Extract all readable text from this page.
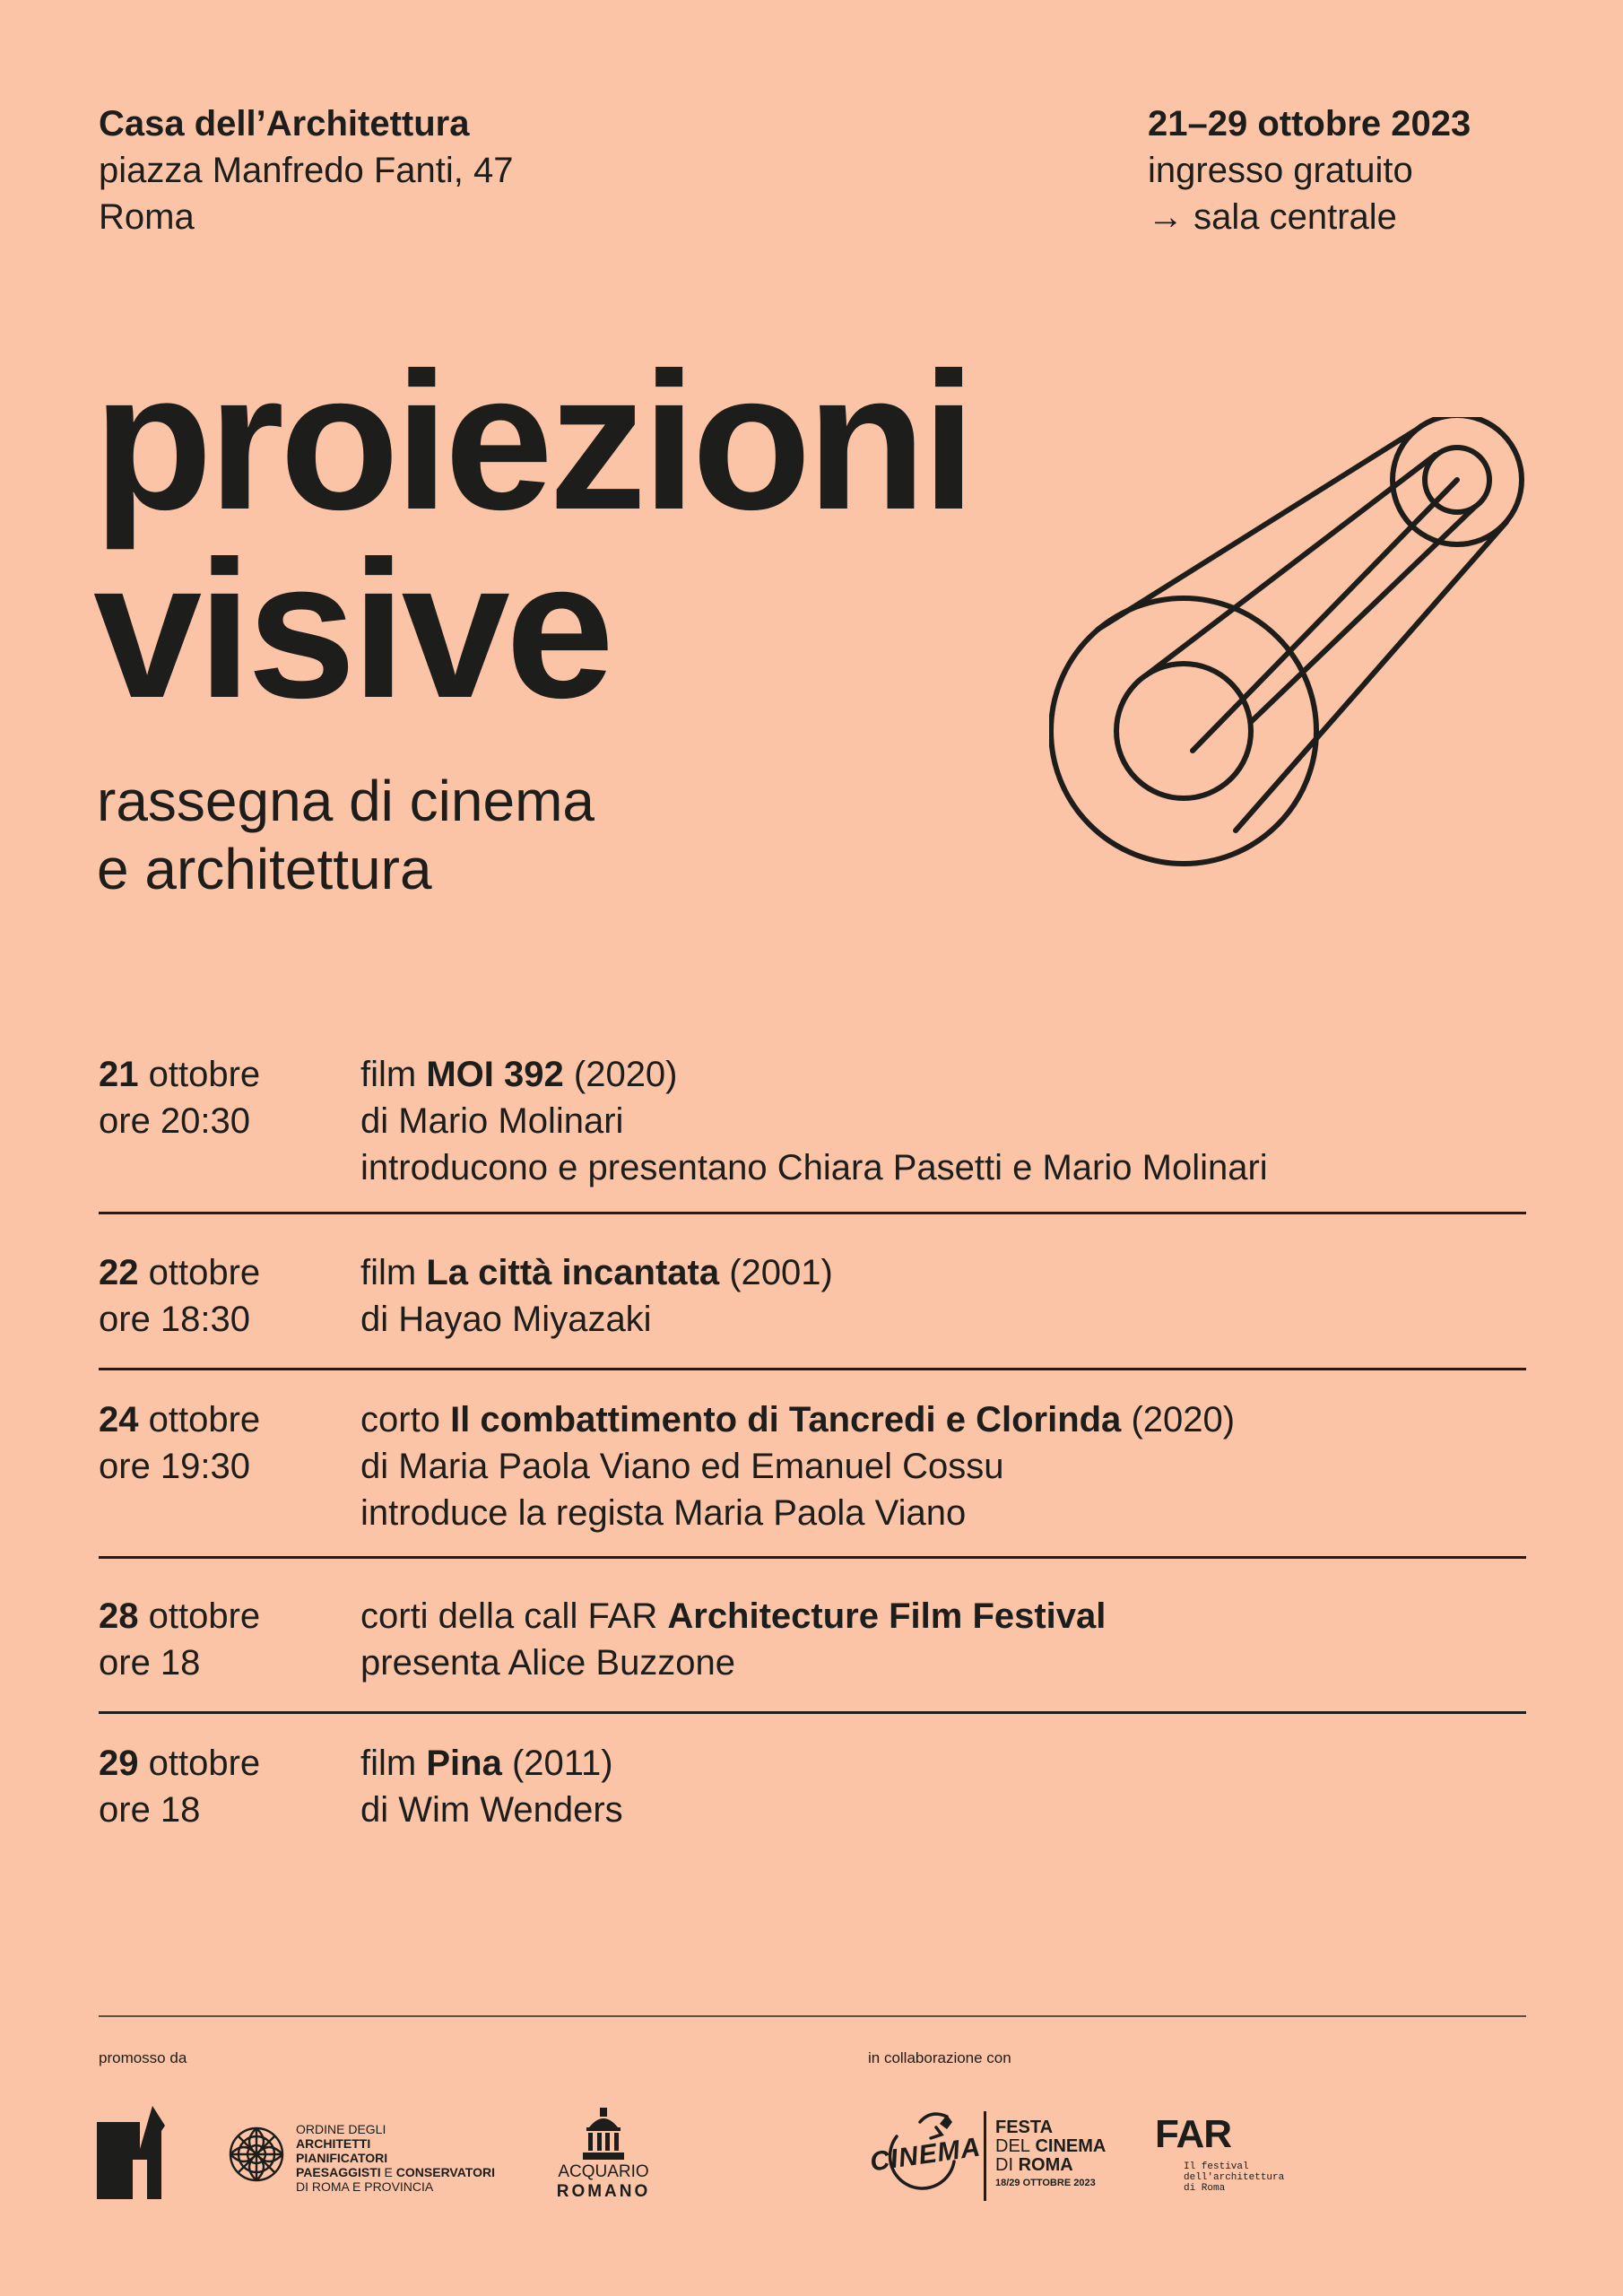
Casa dell’Architettura
piazza Manfredo Fanti, 47
Roma
21–29 ottobre 2023
ingresso gratuito
→ sala centrale
proiezioni
visive
rassegna di cinema
e architettura
21 ottobre
ore 20:30
film MOI 392 (2020)
di Mario Molinari
introducono e presentano Chiara Pasetti e Mario Molinari
22 ottobre
ore 18:30
film La città incantata (2001)
di Hayao Miyazaki
24 ottobre
ore 19:30
corto Il combattimento di Tancredi e Clorinda (2020)
di Maria Paola Viano ed Emanuel Cossu
introduce la regista Maria Paola Viano
28 ottobre
ore 18
corti della call FAR Architecture Film Festival
presenta Alice Buzzone
29 ottobre
ore 18
film Pina (2011)
di Wim Wenders
promosso da	in collaborazione con
ORDINE DEGLI
ARCHITETTI
PIANIFICATORI
PAESAGGISTI E CONSERVATORI
DI ROMA E PROVINCIA
ACQUARIO
ROMANO
CINEMA
FESTA
DEL CINEMA
DI ROMA
18/29 OTTOBRE 2023
FAR
Il festival
dell'architettura
di Roma
